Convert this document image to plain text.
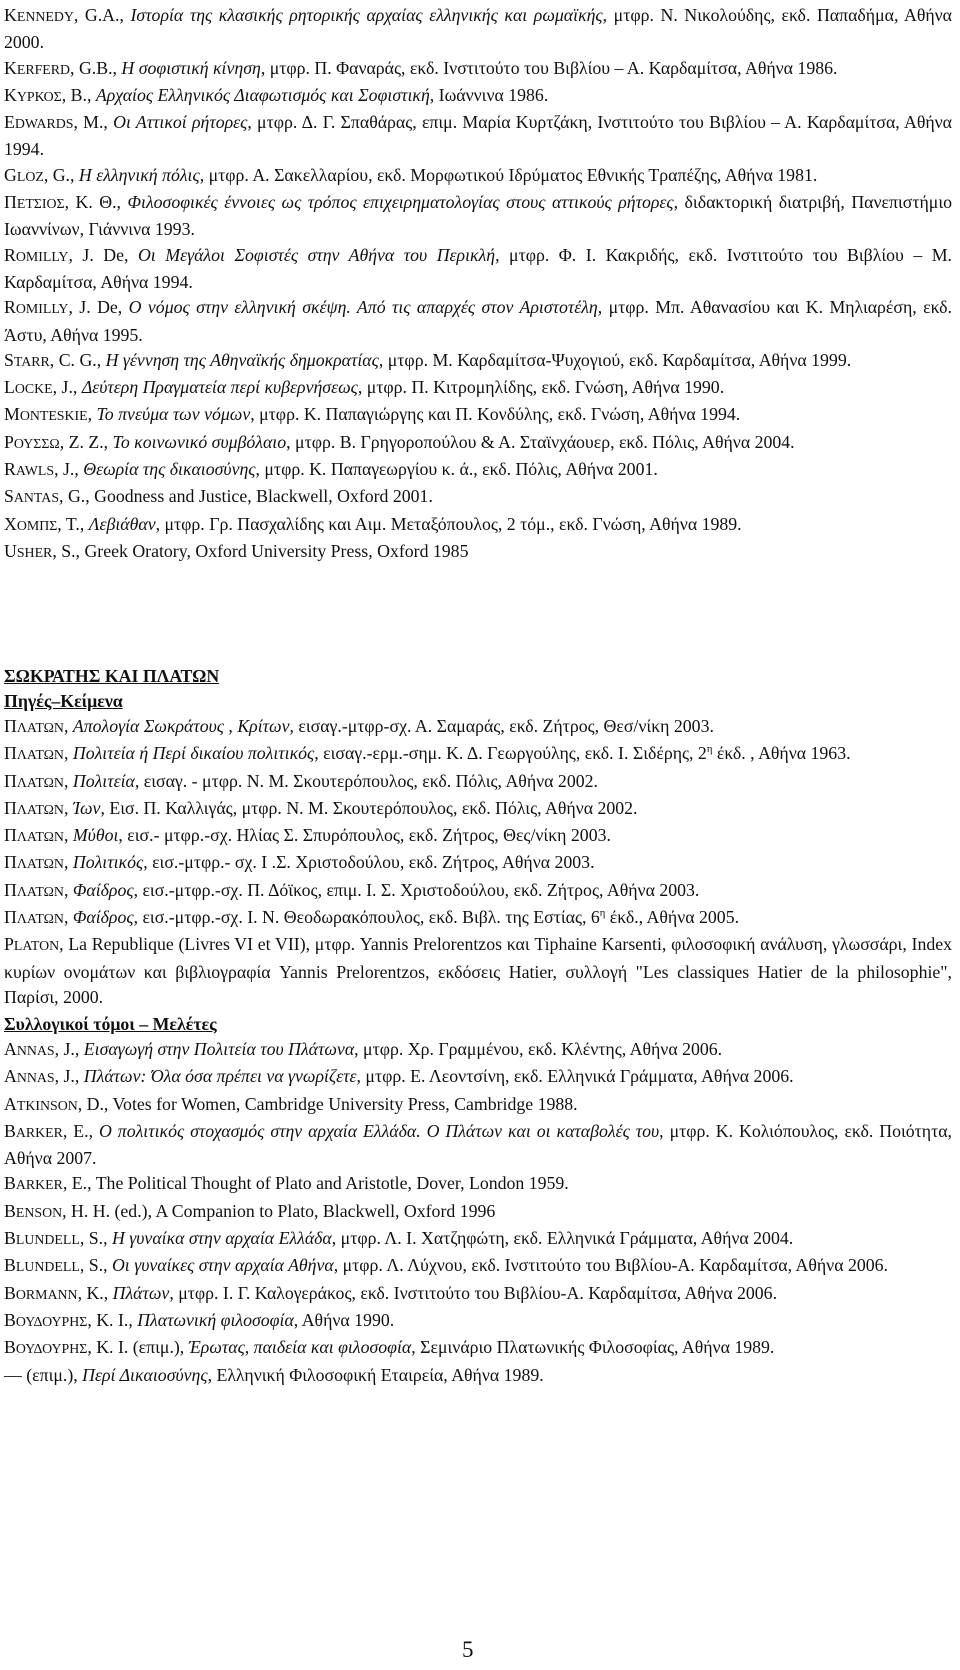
KENNEDY, G.A., Ιστορία της κλασικής ρητορικής αρχαίας ελληνικής και ρωμαϊκής, μτφρ. Ν. Νικολούδης, εκδ. Παπαδήμα, Αθήνα 2000.

KERFERD, G.B., Η σοφιστική κίνηση, μτφρ. Π. Φαναράς, εκδ. Ινστιτούτο του Βιβλίου – Α. Καρδαμίτσα, Αθήνα 1986.

ΚΥΡΚΟΣ, Β., Αρχαίος Ελληνικός Διαφωτισμός και Σοφιστική, Ιωάννινα 1986.

EDWARDS, M., Οι Αττικοί ρήτορες, μτφρ. Δ. Γ. Σπαθάρας, επιμ. Μαρία Κυρτζάκη, Ινστιτούτο του Βιβλίου – Α. Καρδαμίτσα, Αθήνα 1994.

GLOZ, G., Η ελληνική πόλις, μτφρ. Α. Σακελλαρίου, εκδ. Μορφωτικού Ιδρύματος Εθνικής Τραπέζης, Αθήνα 1981.

ΠΕΤΣΙΟΣ, Κ. Θ., Φιλοσοφικές έννοιες ως τρόπος επιχειρηματολογίας στους αττικούς ρήτορες, διδακτορική διατριβή, Πανεπιστήμιο Ιωαννίνων, Γιάννινα 1993.

ROMILLY, J. De, Οι Μεγάλοι Σοφιστές στην Αθήνα του Περικλή, μτφρ. Φ. Ι. Κακριδής, εκδ. Ινστιτούτο του Βιβλίου – Μ. Καρδαμίτσα, Αθήνα 1994.

ROMILLY, J. De, Ο νόμος στην ελληνική σκέψη. Από τις απαρχές στον Αριστοτέλη, μτφρ. Μπ. Αθανασίου και Κ. Μηλιαρέση, εκδ. Άστυ, Αθήνα 1995.

STARR, C. G., Η γέννηση της Αθηναϊκής δημοκρατίας, μτφρ. Μ. Καρδαμίτσα-Ψυχογιού, εκδ. Καρδαμίτσα, Αθήνα 1999.

LOCKE, J., Δεύτερη Πραγματεία περί κυβερνήσεως, μτφρ. Π. Κιτρομηλίδης, εκδ. Γνώση, Αθήνα 1990.

MONTESKIE, Το πνεύμα των νόμων, μτφρ. Κ. Παπαγιώργης και Π. Κονδύλης, εκδ. Γνώση, Αθήνα 1994.

ΡΟΥΣΣΩ, Z. Z., Το κοινωνικό συμβόλαιο, μτφρ. Β. Γρηγοροπούλου & Α. Σταϊνχάουερ, εκδ. Πόλις, Αθήνα 2004.

RAWLS, J., Θεωρία της δικαιοσύνης, μτφρ. Κ. Παπαγεωργίου κ. ά., εκδ. Πόλις, Αθήνα 2001.

SANTAS, G., Goodness and Justice, Blackwell, Oxford 2001.

ΧΟΜΠΣ, Τ., Λεβιάθαν, μτφρ. Γρ. Πασχαλίδης και Αιμ. Μεταξόπουλος, 2 τόμ., εκδ. Γνώση, Αθήνα 1989.

USHER, S., Greek Oratory, Oxford University Press, Oxford 1985

ΣΩΚΡΑΤΗΣ ΚΑΙ ΠΛΑΤΩΝ
Πηγές–Κείμενα

ΠΛΑΤΩΝ, Απολογία Σωκράτους , Κρίτων, εισαγ.-μτφρ-σχ. Α. Σαμαράς, εκδ. Ζήτρος, Θεσ/νίκη 2003.

ΠΛΑΤΩΝ, Πολιτεία ή Περί δικαίου πολιτικός, εισαγ.-ερμ.-σημ. Κ. Δ. Γεωργούλης, εκδ. Ι. Σιδέρης, $2^\eta$ έκδ. , Αθήνα 1963.

ΠΛΑΤΩΝ, Πολιτεία, εισαγ. - μτφρ. Ν. Μ. Σκουτερόπουλος, εκδ. Πόλις, Αθήνα 2002.

ΠΛΑΤΩΝ, Ίων, Εισ. Π. Καλλιγάς, μτφρ. Ν. Μ. Σκουτερόπουλος, εκδ. Πόλις, Αθήνα 2002.

ΠΛΑΤΩΝ, Μύθοι, εισ.- μτφρ.-σχ. Ηλίας Σ. Σπυρόπουλος, εκδ. Ζήτρος, Θες/νίκη 2003.

ΠΛΑΤΩΝ, Πολιτικός, εισ.-μτφρ.- σχ. Ι .Σ. Χριστοδούλου, εκδ. Ζήτρος, Αθήνα 2003.

ΠΛΑΤΩΝ, Φαίδρος, εισ.-μτφρ.-σχ. Π. Δόϊκος, επιμ. Ι. Σ. Χριστοδούλου, εκδ. Ζήτρος, Αθήνα 2003.

ΠΛΑΤΩΝ, Φαίδρος, εισ.-μτφρ.-σχ. Ι. Ν. Θεοδωρακόπουλος, εκδ. Βιβλ. της Εστίας, $6^\eta$ έκδ., Αθήνα 2005.

PLATON, La Republique (Livres VI et VII), μτφρ. Yannis Prelorentzos και Tiphaine Karsenti, φιλοσοφική ανάλυση, γλωσσάρι, Index κυρίων ονομάτων και βιβλιογραφία Yannis Prelorentzos, εκδόσεις Hatier, συλλογή "Les classiques Hatier de la philosophie", Παρίσι, 2000.

Συλλογικοί τόμοι – Μελέτες

ANNAS, J., Εισαγωγή στην Πολιτεία του Πλάτωνα, μτφρ. Χρ. Γραμμένου, εκδ. Κλέντης, Αθήνα 2006.

ANNAS, J., Πλάτων: Όλα όσα πρέπει να γνωρίζετε, μτφρ. Ε. Λεοντσίνη, εκδ. Ελληνικά Γράμματα, Αθήνα 2006.

ATKINSON, D., Votes for Women, Cambridge University Press, Cambridge 1988.

BARKER, E., Ο πολιτικός στοχασμός στην αρχαία Ελλάδα. Ο Πλάτων και οι καταβολές του, μτφρ. Κ. Κολιόπουλος, εκδ. Ποιότητα, Αθήνα 2007.

BARKER, E., The Political Thought of Plato and Aristotle, Dover, London 1959.

BENSON, H. H. (ed.), A Companion to Plato, Blackwell, Oxford 1996

BLUNDELL, S., Η γυναίκα στην αρχαία Ελλάδα, μτφρ. Λ. Ι. Χατζηφώτη, εκδ. Ελληνικά Γράμματα, Αθήνα 2004.

BLUNDELL, S., Οι γυναίκες στην αρχαία Αθήνα, μτφρ. Λ. Λύχνου, εκδ. Ινστιτούτο του Βιβλίου-Α. Καρδαμίτσα, Αθήνα 2006.

BORMANN, K., Πλάτων, μτφρ. Ι. Γ. Καλογεράκος, εκδ. Ινστιτούτο του Βιβλίου-Α. Καρδαμίτσα, Αθήνα 2006.

ΒΟΥΔΟΥΡΗΣ, Κ. Ι., Πλατωνική φιλοσοφία, Αθήνα 1990.

ΒΟΥΔΟΥΡΗΣ, Κ. Ι. (επιμ.), Έρωτας, παιδεία και φιλοσοφία, Σεμινάριο Πλατωνικής Φιλοσοφίας, Αθήνα 1989.

— (επιμ.), Περί Δικαιοσύνης, Ελληνική Φιλοσοφική Εταιρεία, Αθήνα 1989.

5
